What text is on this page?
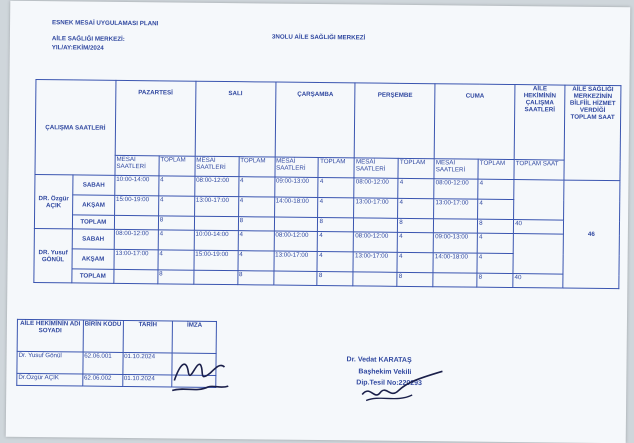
ESNEK MESAİ UYGULAMASI PLANI
AİLE SAĞLIĞI MERKEZİ:
YIL/AY:EKİM/2024
3NOLU AİLE SAĞLIĞI MERKEZİ
ÇALIŞMA SAATLERİ		PAZARTESİ		SALI		ÇARŞAMBA		PERŞEMBE		CUMA		AİLE HEKİMİNİN ÇALIŞMA SAATLERİ	AİLE SAĞLIĞI MERKEZİNİN BİLFİİL HİZMET VERDİĞİ TOPLAM SAAT
		MESAİ SAATLERİ	TOPLAM	MESAİ SAATLERİ	TOPLAM	MESAİ SAATLERİ	TOPLAM	MESAİ SAATLERİ	TOPLAM	MESAİ SAATLERİ	TOPLAM	TOPLAM SAAT	
DR. Özgür AÇIK	SABAH	10:00-14:00	4	08:00-12:00	4	09:00-13:00	4	08:00-12:00	4	08:00-12:00	4		46
	AKŞAM	15:00-19:00	4	13:00-17:00	4	14:00-18:00	4	13:00-17:00	4	13:00-17:00	4		
	TOPLAM		8		8		8		8		8	40	
DR. Yusuf GÖNÜL	SABAH	08:00-12:00	4	10:00-14:00	4	08:00-12:00	4	08:00-12:00	4	09:00-13:00	4		
	AKŞAM	13:00-17:00	4	15:00-19:00	4	13:00-17:00	4	13:00-17:00	4	14:00-18:00	4		
	TOPLAM		8		8		8		8		8	40	
AİLE HEKİMİNİN ADI SOYADI	BİRİN KODU	TARİH	İMZA
Dr. Yusuf Gönül	62.06.001	01.10.2024	
Dr.Özgür AÇIK	62.06.002	01.10.2024	
Dr. Vedat KARATAŞ
Başhekim Vekili
Dip.Tesil No:220293
